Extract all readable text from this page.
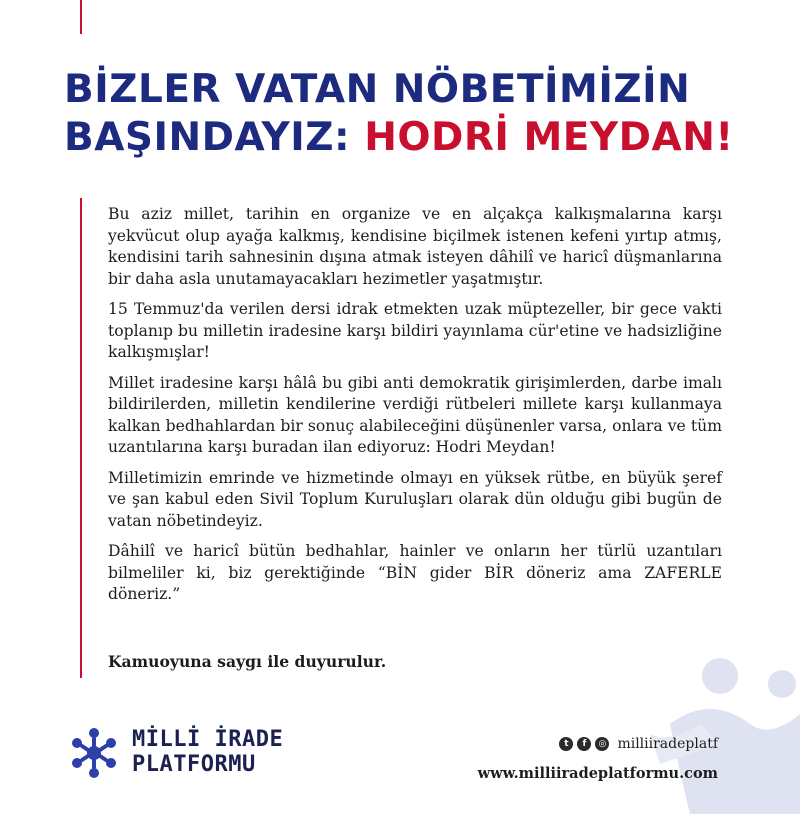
BİZLER VATAN NÖBETİMİZİN
BAŞINDAYIZ: HODRİ MEYDAN!

Bu aziz millet, tarihin en organize ve en alçakça kalkışmalarına karşı yekvücut olup ayağa kalkmış, kendisine biçilmek istenen kefeni yırtıp atmış, kendisini tarih sahnesinin dışına atmak isteyen dâhilî ve haricî düşmanlarına bir daha asla unutamayacakları hezimetler yaşatmıştır.

15 Temmuz'da verilen dersi idrak etmekten uzak müptezeller, bir gece vakti toplanıp bu milletin iradesine karşı bildiri yayınlama cür'etine ve hadsizliğine kalkışmışlar!

Millet iradesine karşı hâlâ bu gibi anti demokratik girişimlerden, darbe imalı bildirilerden, milletin kendilerine verdiği rütbeleri millete karşı kullanmaya kalkan bedhahlardan bir sonuç alabileceğini düşünenler varsa, onlara ve tüm uzantılarına karşı buradan ilan ediyoruz: Hodri Meydan!

Milletimizin emrinde ve hizmetinde olmayı en yüksek rütbe, en büyük şeref ve şan kabul eden Sivil Toplum Kuruluşları olarak dün olduğu gibi bugün de vatan nöbetindeyiz.

Dâhilî ve haricî bütün bedhahlar, hainler ve onların her türlü uzantıları bilmeliler ki, biz gerektiğinde “BİN gider BİR döneriz ama ZAFERLE döneriz.”

Kamuoyuna saygı ile duyurulur.
MİLLİ İRADE
PLATFORMU
t	f	◎ milliiradeplatf
www.milliiradeplatformu.com
